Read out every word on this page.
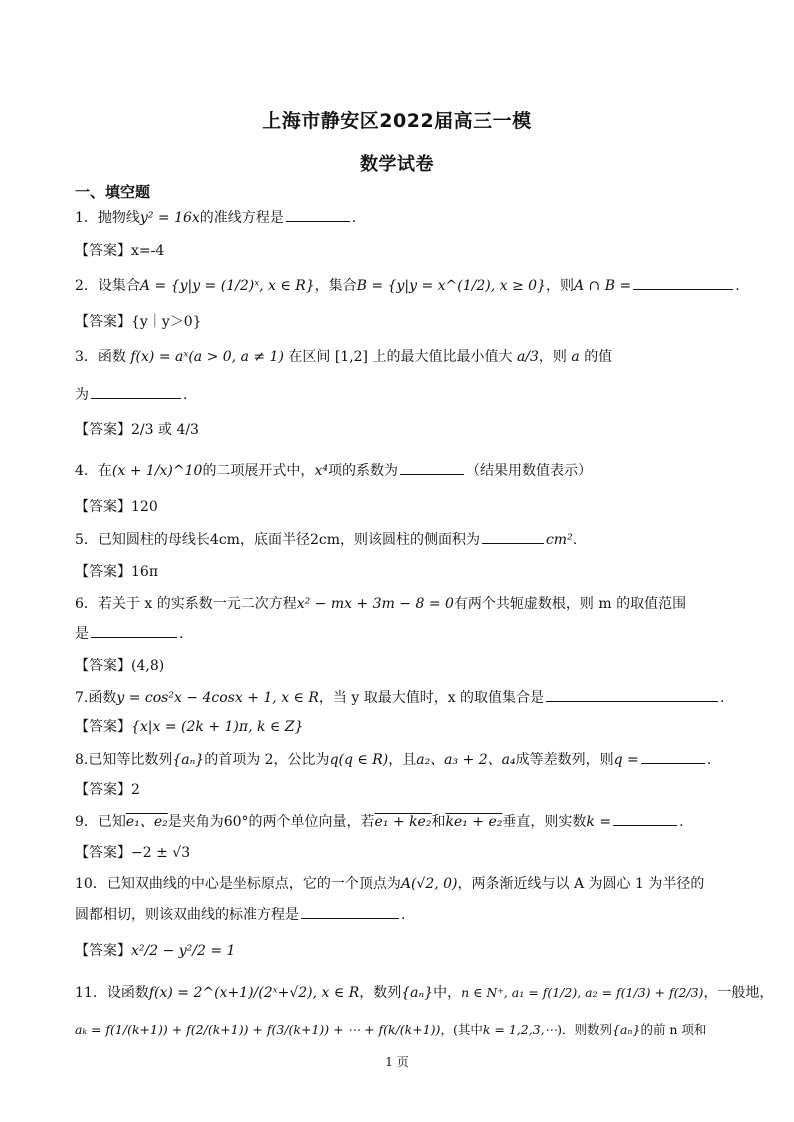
上海市静安区2022届高三一模
数学试卷
一、填空题
1．抛物线y² = 16x的准线方程是	.
【答案】x=-4
2．设集合A = {y|y = (1/2)ˣ, x ∈ R}，集合B = {y|y = x^(1/2), x ≥ 0}，则A ∩ B =	.
【答案】{y｜y＞0}
3．函数 f(x) = aˣ(a > 0, a ≠ 1) 在区间 [1,2] 上的最大值比最小值大 a/3，则 a 的值
为	.
【答案】2/3 或 4/3
4．在(x + 1/x)^10的二项展开式中，x⁴项的系数为	（结果用数值表示）
【答案】120
5．已知圆柱的母线长4cm，底面半径2cm，则该圆柱的侧面积为	cm².
【答案】16π
6．若关于 x 的实系数一元二次方程x² − mx + 3m − 8 = 0有两个共轭虚数根，则 m 的取值范围
是	.
【答案】(4,8)
7.函数y = cos²x − 4cosx + 1, x ∈ R，当 y 取最大值时，x 的取值集合是	.
【答案】{x|x = (2k + 1)π, k ∈ Z}
8.已知等比数列{aₙ}的首项为 2，公比为q(q ∈ R)，且a₂、a₃ + 2、a₄成等差数列，则q =	.
【答案】2
9．已知e₁、e₂是夹角为60°的两个单位向量，若e₁ + ke₂和ke₁ + e₂垂直，则实数k =	.
【答案】−2 ± √3
10．已知双曲线的中心是坐标原点，它的一个顶点为A(√2, 0)，两条渐近线与以 A 为圆心 1 为半径的
圆都相切，则该双曲线的标准方程是	.
【答案】x²/2 − y²/2 = 1
11．设函数f(x) = 2^(x+1)/(2ˣ+√2), x ∈ R，数列{aₙ}中，n ∈ N⁺, a₁ = f(1/2), a₂ = f(1/3) + f(2/3)，一般地，
aₖ = f(1/(k+1)) + f(2/(k+1)) + f(3/(k+1)) + ⋯ + f(k/(k+1))，(其中k = 1,2,3,⋯)．则数列{aₙ}的前 n 项和
1 页
